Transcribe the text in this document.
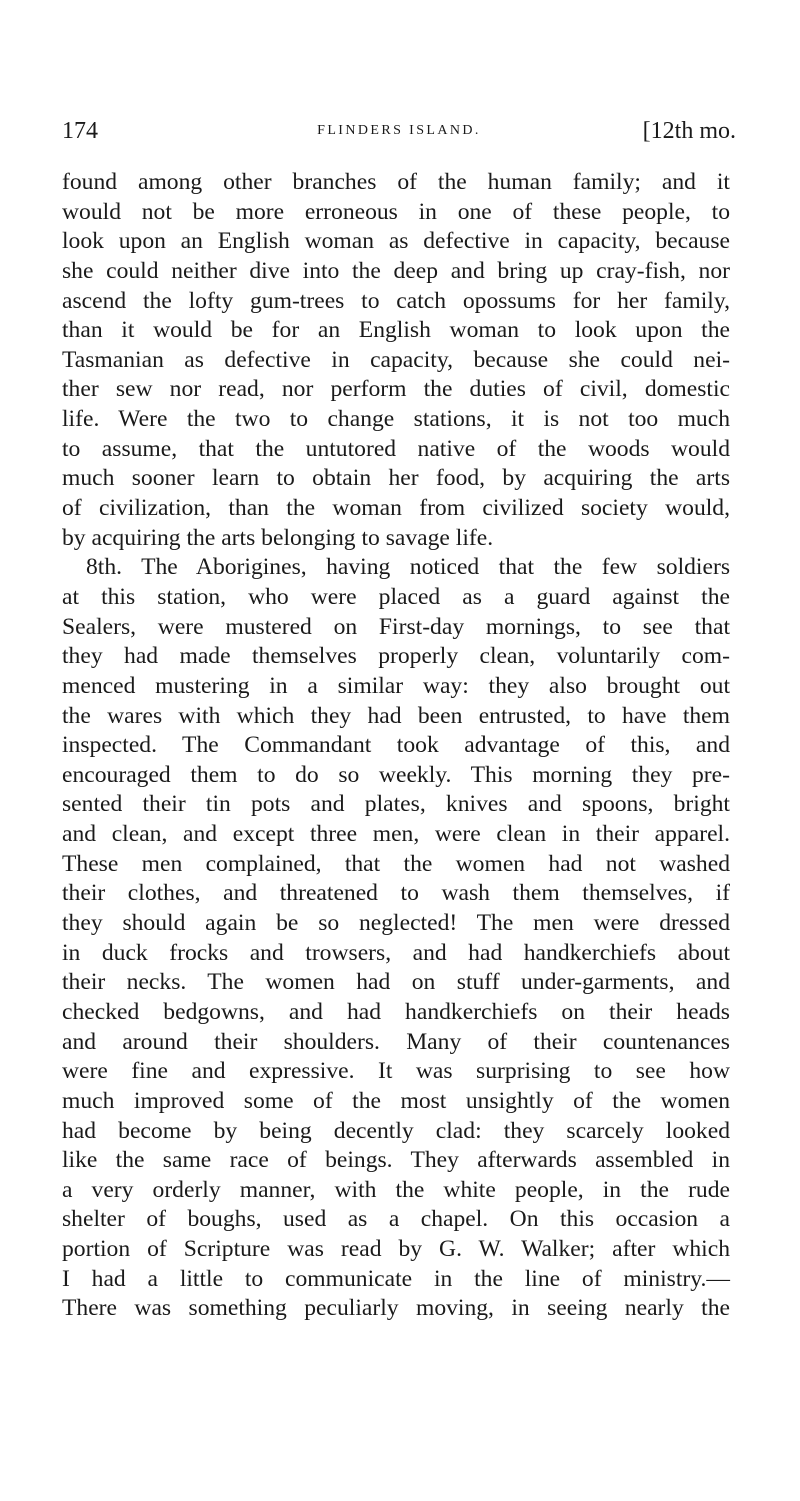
174	FLINDERS ISLAND.	[12th mo.
found among other branches of the human family; and it
would not be more erroneous in one of these people, to
look upon an English woman as defective in capacity, because
she could neither dive into the deep and bring up cray-fish, nor
ascend the lofty gum-trees to catch opossums for her family,
than it would be for an English woman to look upon the
Tasmanian as defective in capacity, because she could nei-
ther sew nor read, nor perform the duties of civil, domestic
life. Were the two to change stations, it is not too much
to assume, that the untutored native of the woods would
much sooner learn to obtain her food, by acquiring the arts
of civilization, than the woman from civilized society would,
by acquiring the arts belonging to savage life.
8th. The Aborigines, having noticed that the few soldiers
at this station, who were placed as a guard against the
Sealers, were mustered on First-day mornings, to see that
they had made themselves properly clean, voluntarily com-
menced mustering in a similar way: they also brought out
the wares with which they had been entrusted, to have them
inspected. The Commandant took advantage of this, and
encouraged them to do so weekly. This morning they pre-
sented their tin pots and plates, knives and spoons, bright
and clean, and except three men, were clean in their apparel.
These men complained, that the women had not washed
their clothes, and threatened to wash them themselves, if
they should again be so neglected! The men were dressed
in duck frocks and trowsers, and had handkerchiefs about
their necks. The women had on stuff under-garments, and
checked bedgowns, and had handkerchiefs on their heads
and around their shoulders. Many of their countenances
were fine and expressive. It was surprising to see how
much improved some of the most unsightly of the women
had become by being decently clad: they scarcely looked
like the same race of beings. They afterwards assembled in
a very orderly manner, with the white people, in the rude
shelter of boughs, used as a chapel. On this occasion a
portion of Scripture was read by G. W. Walker; after which
I had a little to communicate in the line of ministry.—
There was something peculiarly moving, in seeing nearly the
